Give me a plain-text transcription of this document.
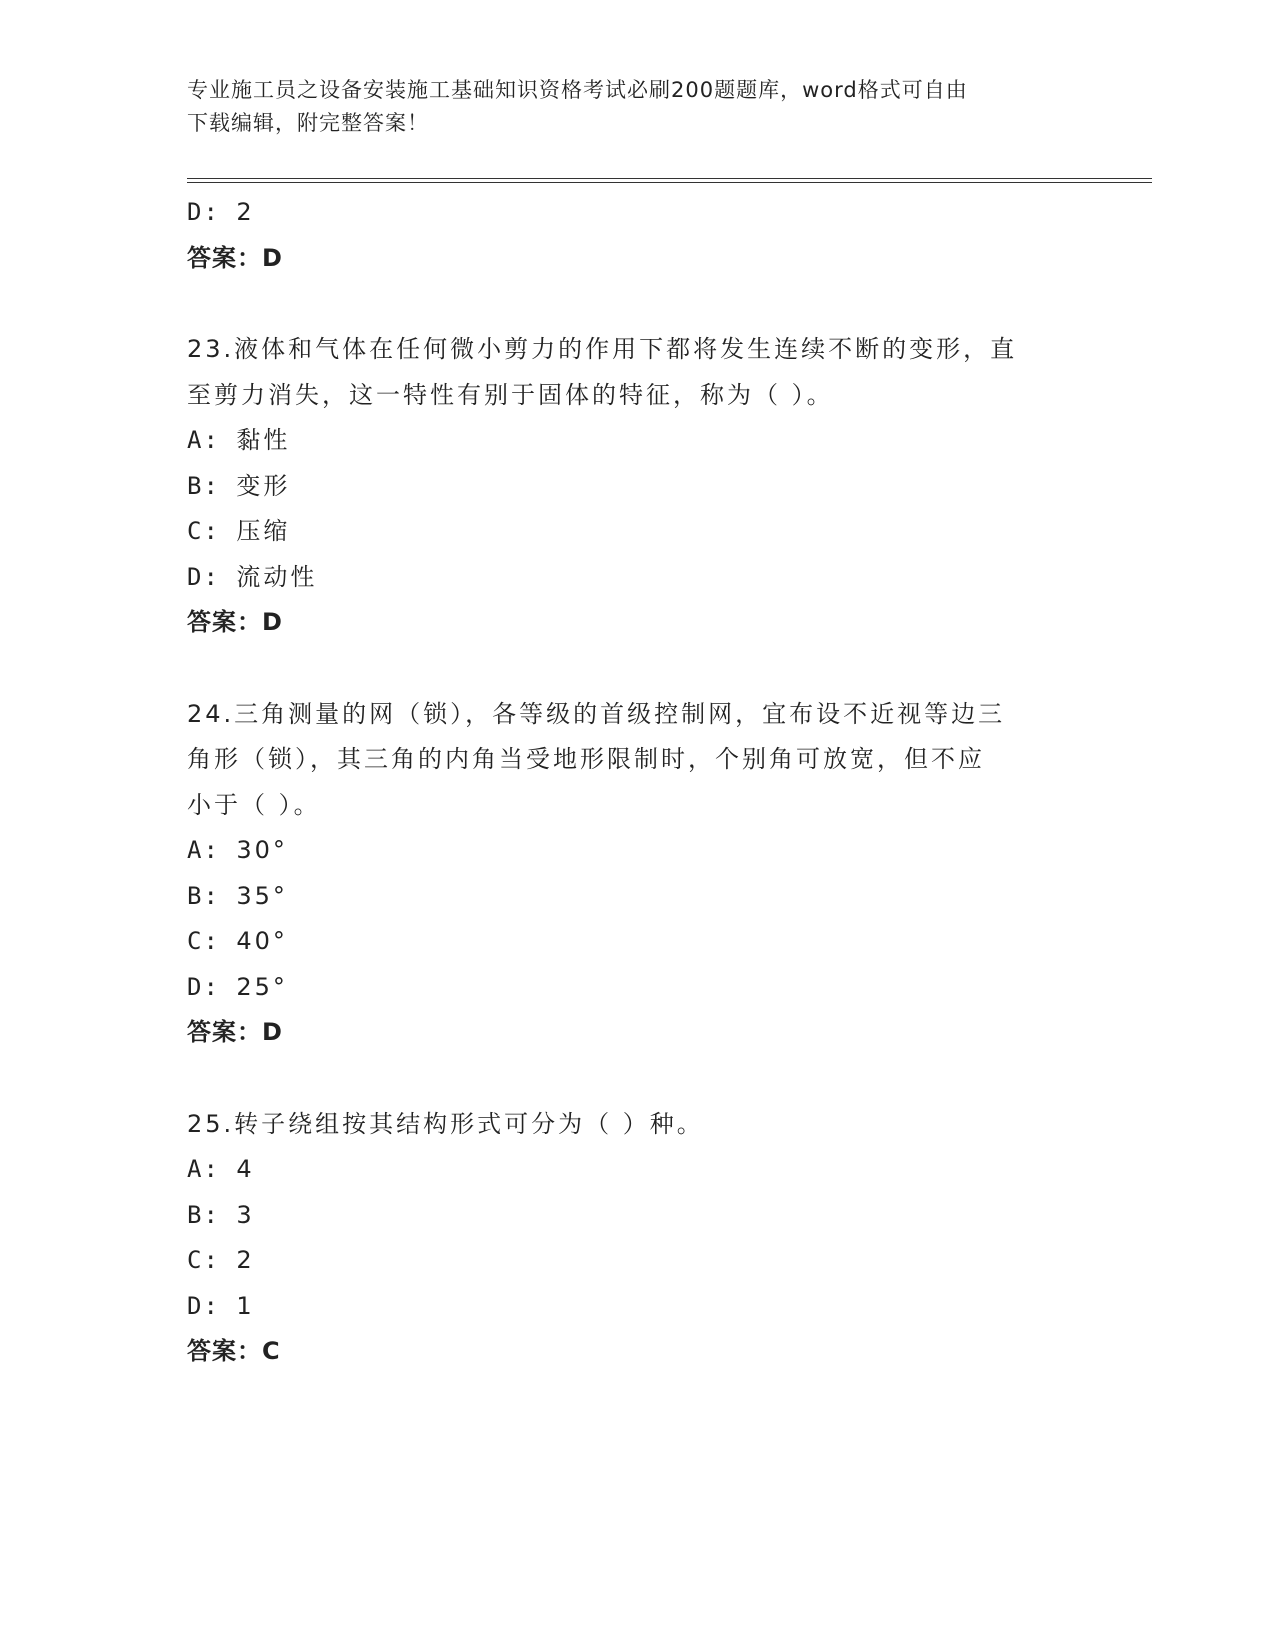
专业施工员之设备安装施工基础知识资格考试必刷200题题库，word格式可自由
下载编辑，附完整答案！
D: 2
答案：D
23.液体和气体在任何微小剪力的作用下都将发生连续不断的变形，直
至剪力消失，这一特性有别于固体的特征，称为（ ）。
A: 黏性
B: 变形
C: 压缩
D: 流动性
答案：D
24.三角测量的网（锁），各等级的首级控制网，宜布设不近视等边三
角形（锁），其三角的内角当受地形限制时，个别角可放宽，但不应
小于（ ）。
A: 30°
B: 35°
C: 40°
D: 25°
答案：D
25.转子绕组按其结构形式可分为（ ）种。
A: 4
B: 3
C: 2
D: 1
答案：C
